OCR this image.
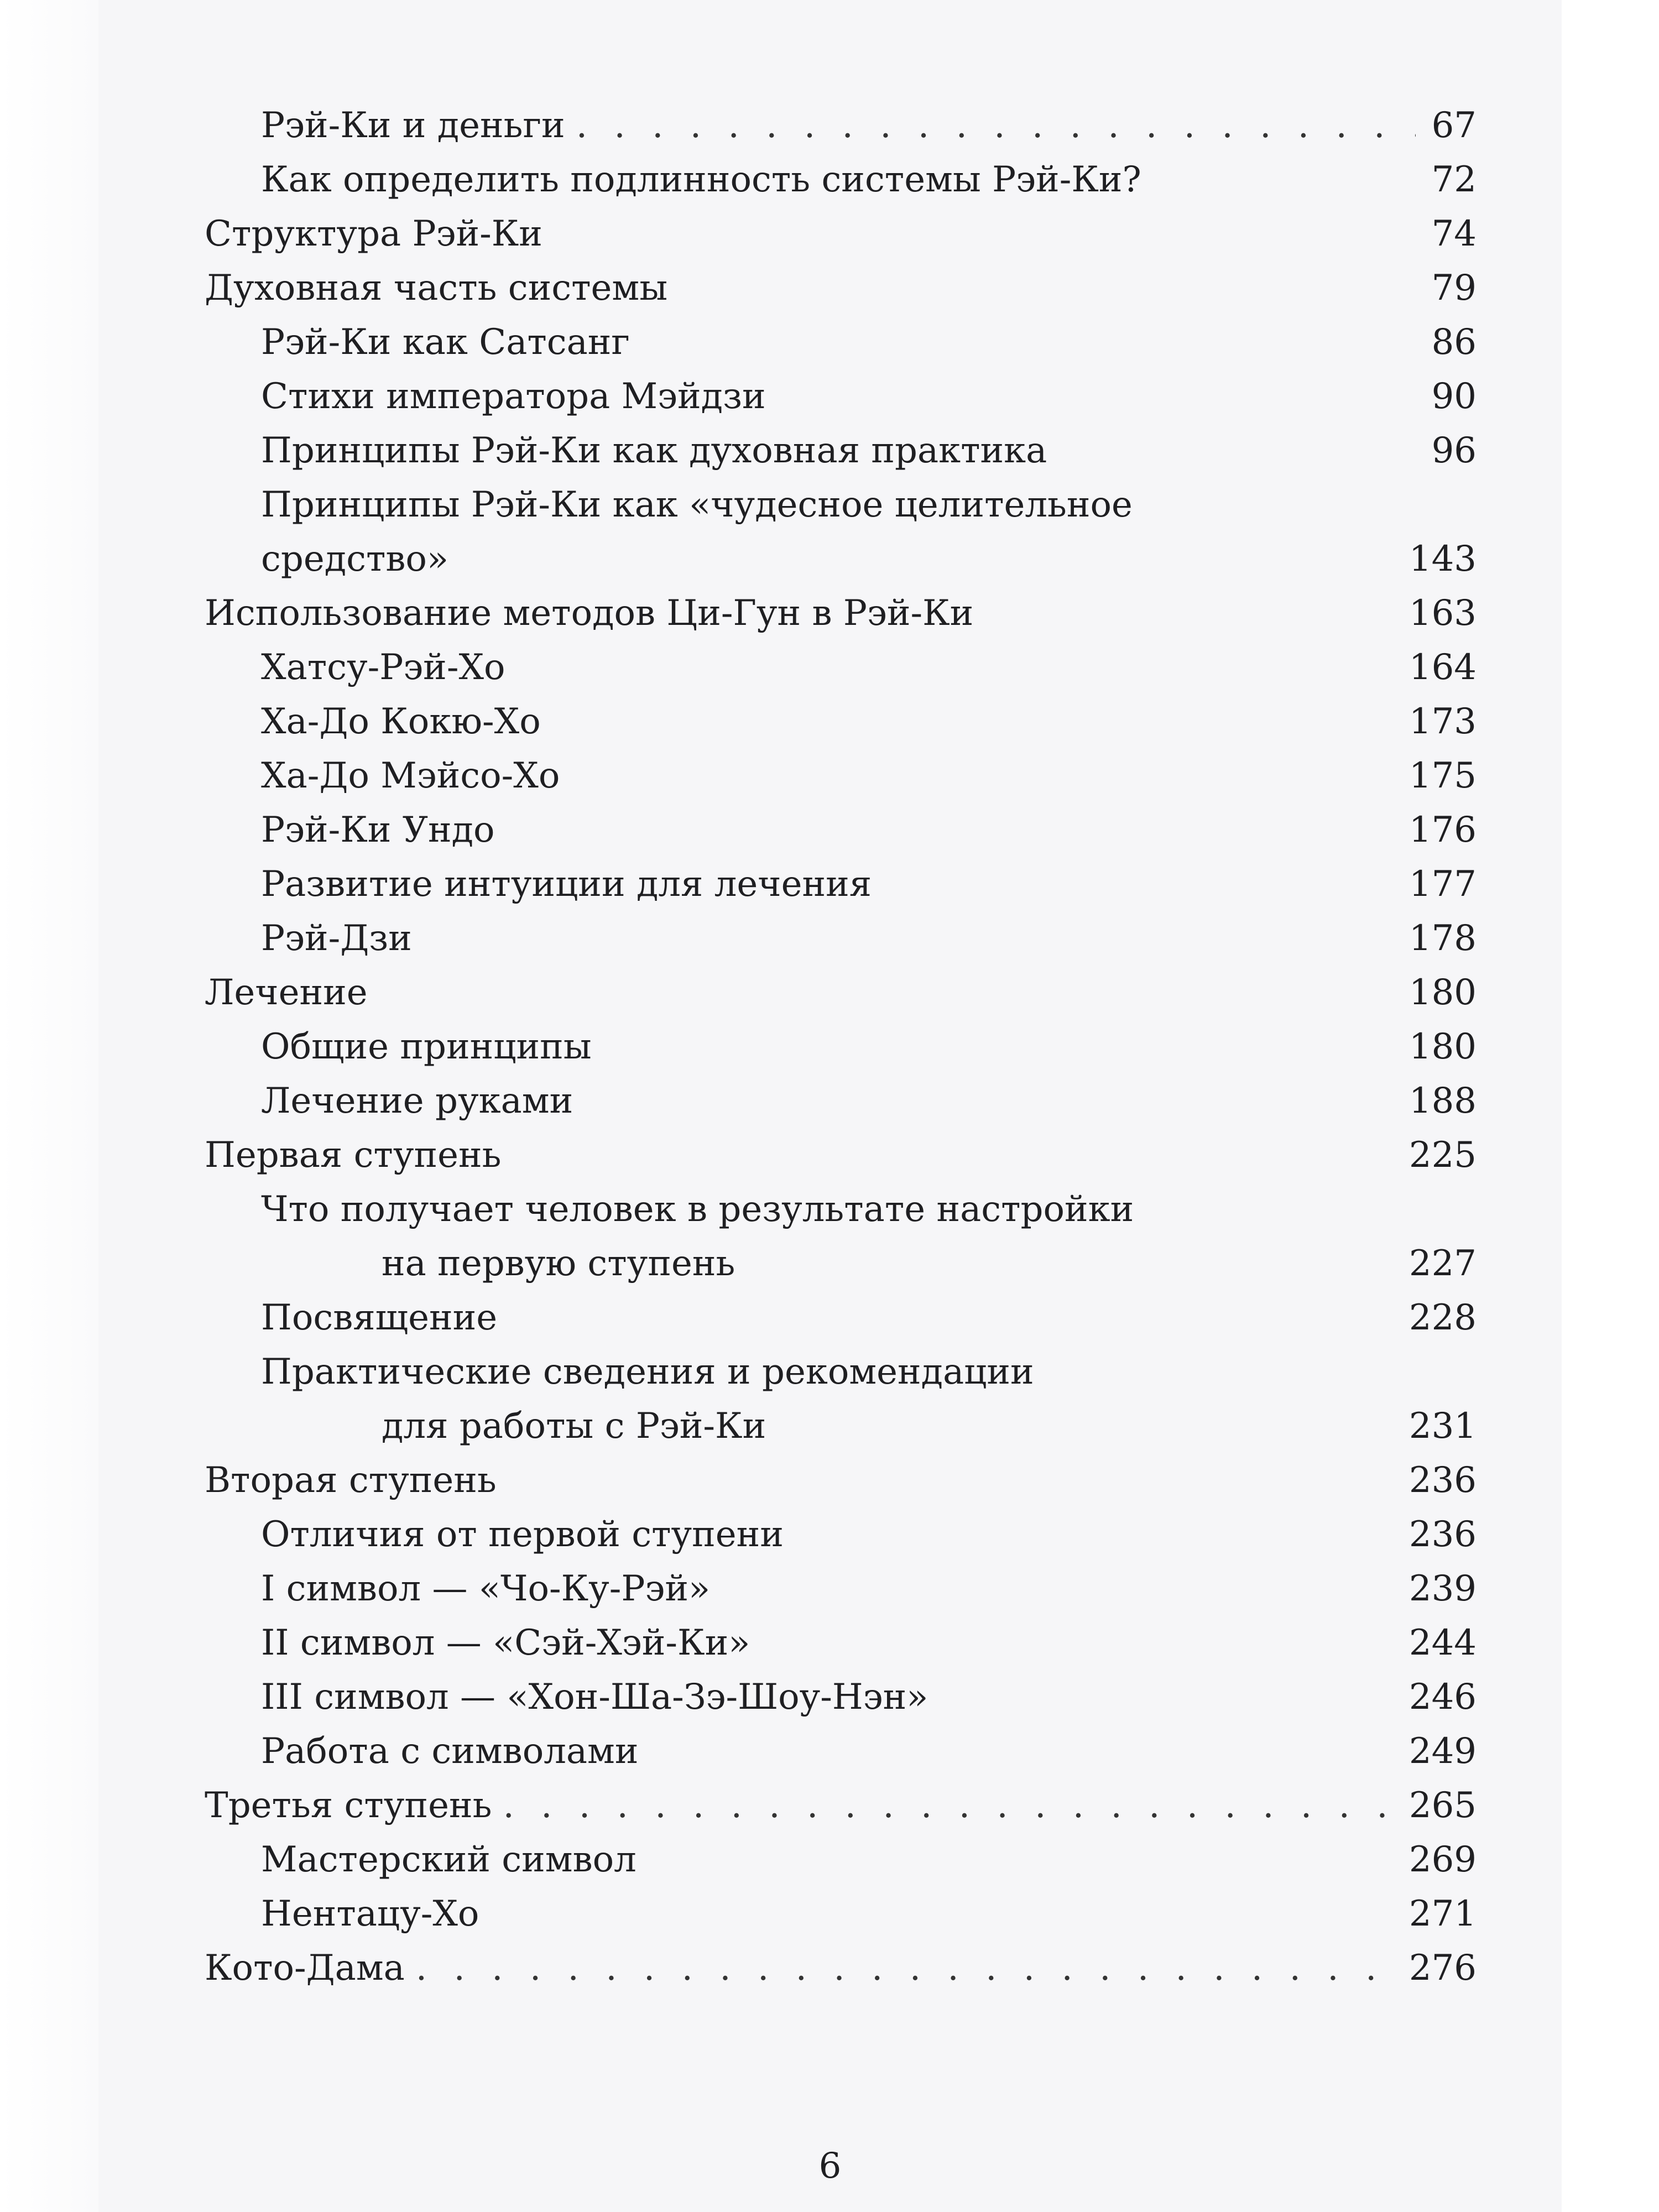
Рэй-Ки и деньги . . .	67
Как определить подлинность системы Рэй-Ки?	72
Структура Рэй-Ки	74
Духовная часть системы	79
Рэй-Ки как Сатсанг	86
Стихи императора Мэйдзи	90
Принципы Рэй-Ки как духовная практика	96
Принципы Рэй-Ки как «чудесное целительное
средство»	143
Использование методов Ци-Гун в Рэй-Ки	163
Хатсу-Рэй-Хо	164
Ха-До Кокю-Хо	173
Ха-До Мэйсо-Хо	175
Рэй-Ки Ундо	176
Развитие интуиции для лечения	177
Рэй-Дзи	178
Лечение	180
Общие принципы	180
Лечение руками	188
Первая ступень	225
Что получает человек в результате настройки
на первую ступень	227
Посвящение	228
Практические сведения и рекомендации
для работы с Рэй-Ки	231
Вторая ступень	236
Отличия от первой ступени	236
I символ — «Чо-Ку-Рэй»	239
II символ — «Сэй-Хэй-Ки»	244
III символ — «Хон-Ша-Зэ-Шоу-Нэн»	246
Работа с символами	249
Третья ступень . . .	265
Мастерский символ	269
Нентацу-Хо	271
Кото-Дама . . .	276
6
